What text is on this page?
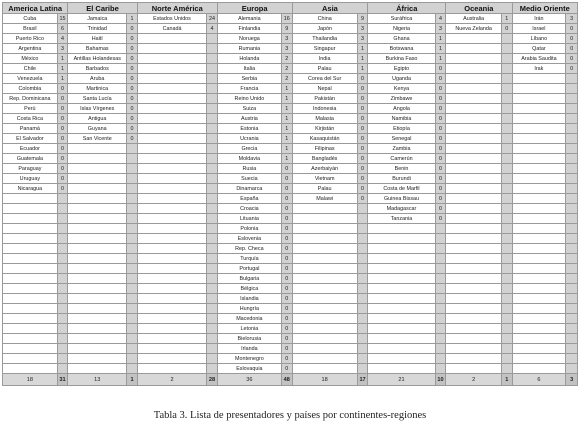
America Latina		El Caribe		Norte América		Europa		Asia		África		Oceania		Medio Oriente	
Cuba	15	Jamaica	1	Estados Unidos	24	Alemania	16	China	9	Suráfrica	4	Australia	1	Irán	3
Brasil	6	Trinidad	0	Canadá	4	Finlandia	9	Japón	3	Nigeria	3	Nueva Zelanda	0	Israel	0
Puerto Rico	4	Haití	0			Noruega	3	Thailandia	3	Ghana	1			Líbano	0
Argentina	3	Bahamas	0			Rumania	3	Singapur	1	Botswana	1			Qatar	0
México	1	Antillas Holandesas	0			Holanda	2	India	1	Burkina Faso	1			Arabia Saudita	0
Chile	1	Barbados	0			Italia	2	Palau	1	Egipto	0			Irak	0
Venezuela	1	Aruba	0			Serbia	2	Corea del Sur	0	Uganda	0				
Colombia	0	Martinica	0			Francia	1	Nepal	0	Kenya	0				
Rep. Dominicana	0	Santa Lucía	0			Reino Unido	1	Pakistán	0	Zimbawe	0				
Perú	0	Islas Vírgenes	0			Suiza	1	Indonesia	0	Angola	0				
Costa Rica	0	Antigua	0			Austria	1	Malasia	0	Namibia	0				
Panamá	0	Guyana	0			Estonia	1	Kirjistán	0	Etiopía	0				
El Salvador	0	San Vicente	0			Ucrania	1	Kasaquistán	0	Senegal	0				
Ecuador	0					Grecia	1	Filipinas	0	Zambia	0				
Guatemala	0					Moldavia	1	Bangladés	0	Camerún	0				
Paraguay	0					Rusia	0	Azerbaiyán	0	Benin	0				
Uruguay	0					Suecia	0	Vietnam	0	Burundi	0				
Nicaragua	0					Dinamarca	0	Palau	0	Costa de Marfil	0				
						España	0	Malawi	0	Guinea Bissau	0				
						Croacia	0			Madagascar	0				
						Lituania	0			Tanzania	0				
						Polonia	0								
						Eslovenia	0								
						Rep. Checa	0								
						Turquía	0								
						Portugal	0								
						Bulgaria	0								
						Bélgica	0								
						Islandia	0								
						Hungría	0								
						Macedonia	0								
						Letonia	0								
						Bielorusia	0								
						Irlanda	0								
						Montenegro	0								
						Eslovaquia	0								
18	31	13	1	2	28	36	48	18	17	21	10	2	1	6	3
Tabla 3. Lista de presentadores y países por continentes-regiones
